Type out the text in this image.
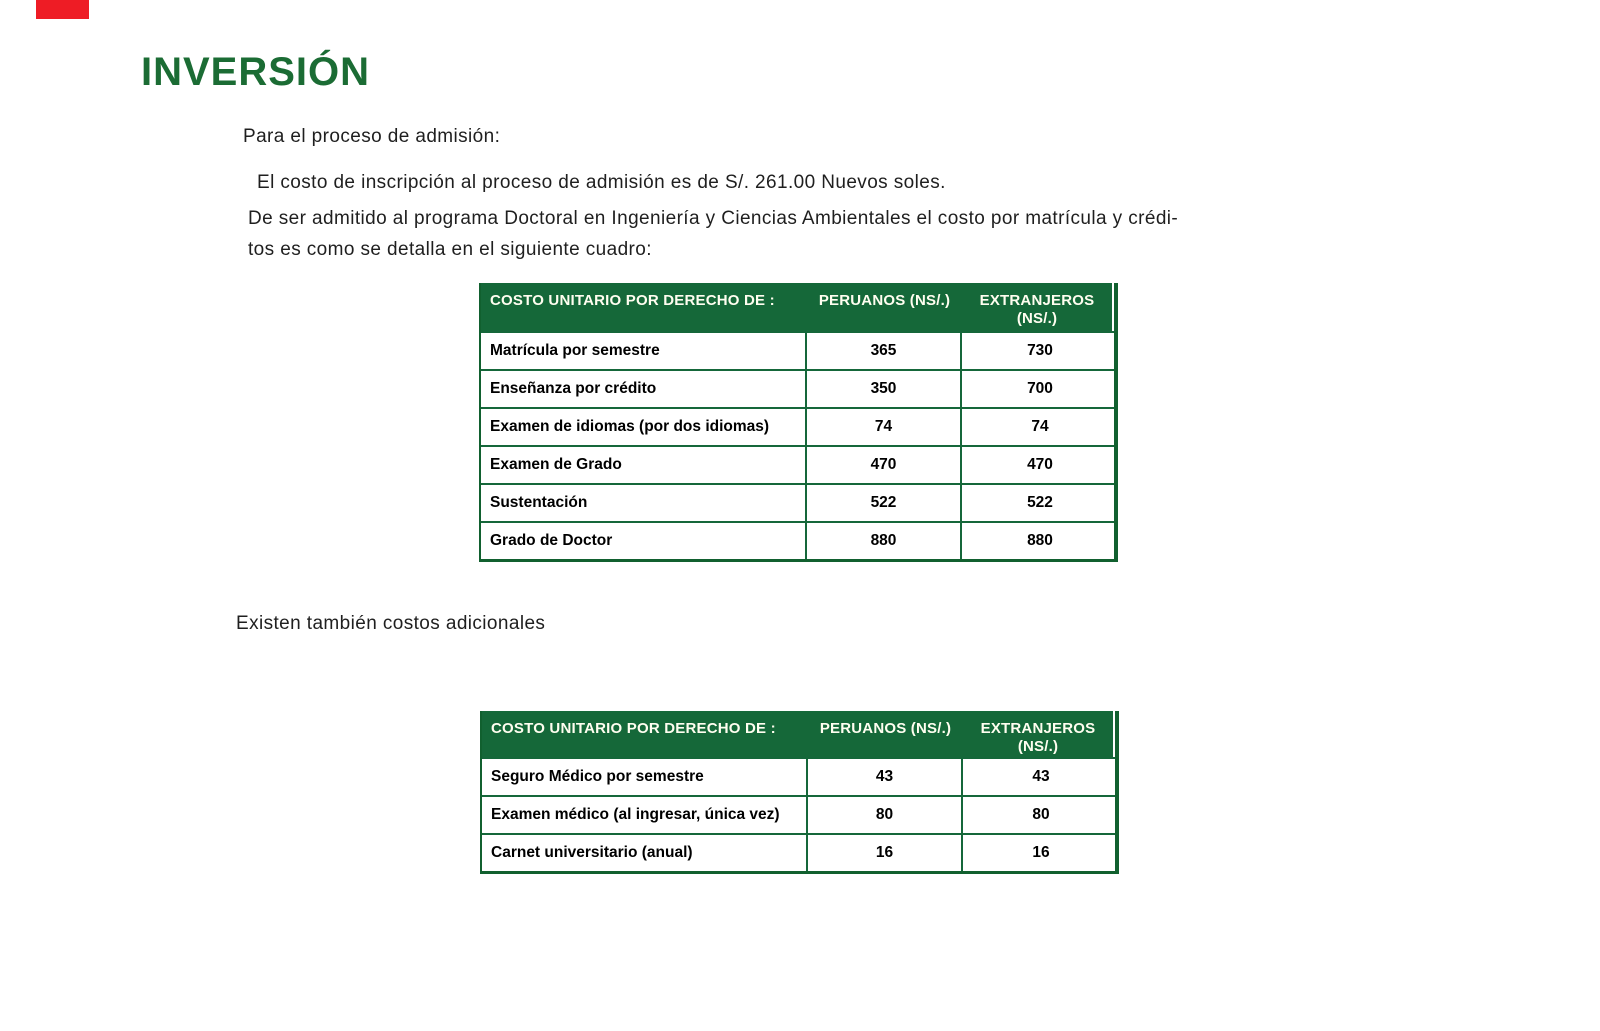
INVERSIÓN

Para el proceso de admisión:

El costo de inscripción al proceso de admisión es de S/. 261.00 Nuevos soles.

De ser admitido al programa Doctoral en Ingeniería y Ciencias Ambientales el costo por matrícula y crédi-
tos es como se detalla en el siguiente cuadro:
COSTO UNITARIO POR DERECHO DE :	PERUANOS (NS/.)	EXTRANJEROS (NS/.)
Matrícula por semestre	365	730
Enseñanza por crédito	350	700
Examen de idiomas (por dos idiomas)	74	74
Examen de Grado	470	470
Sustentación	522	522
Grado de Doctor	880	880

Existen también costos adicionales

COSTO UNITARIO POR DERECHO DE :	PERUANOS (NS/.)	EXTRANJEROS (NS/.)
Seguro Médico por semestre	43	43
Examen médico (al ingresar, única vez)	80	80
Carnet universitario (anual)	16	16
